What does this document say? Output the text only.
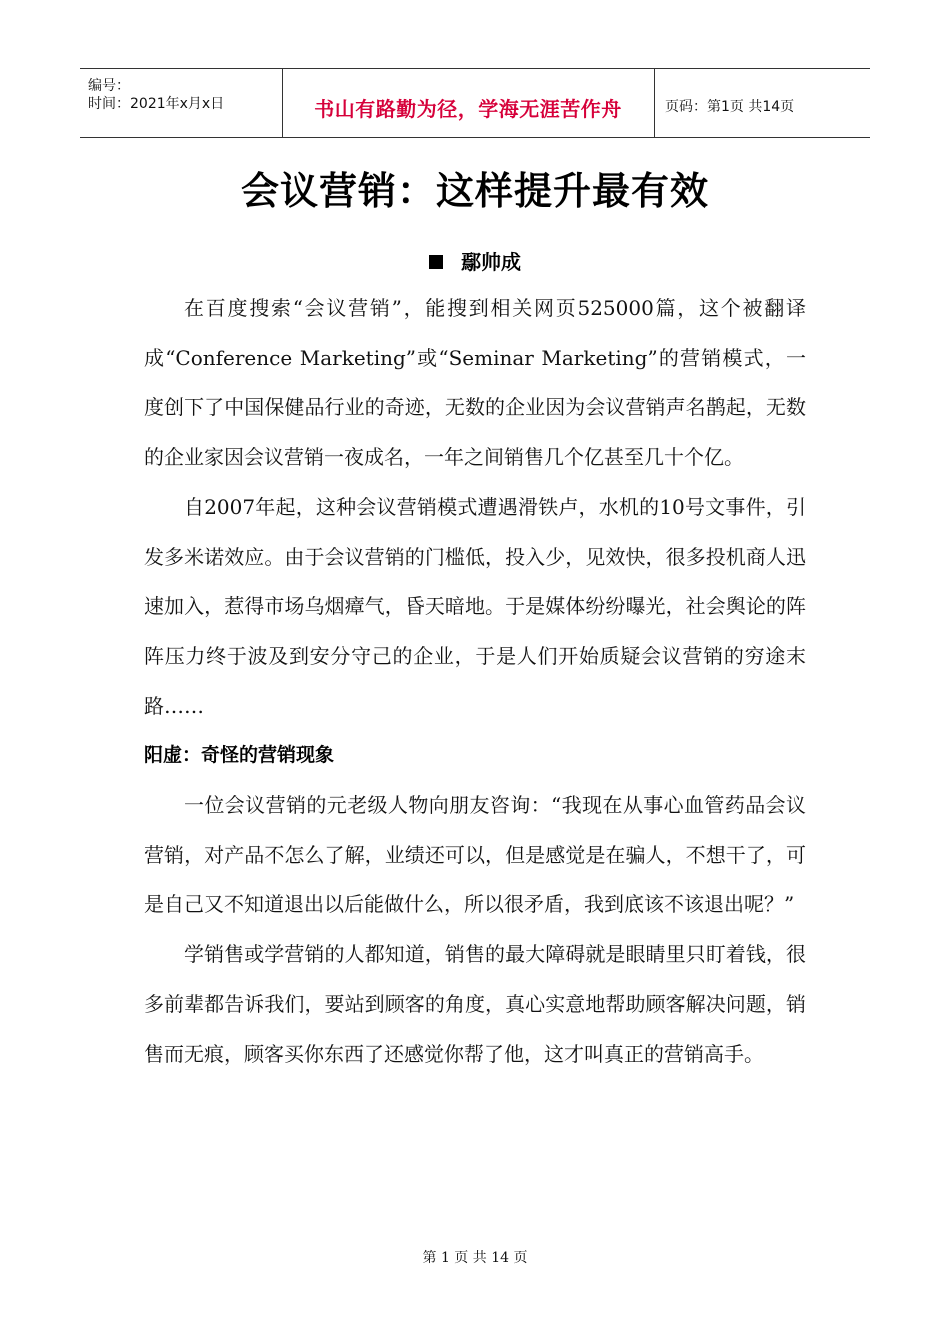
编号：
时间：2021年x月x日	书山有路勤为径，学海无涯苦作舟	页码：第1页 共14页
会议营销：这样提升最有效
鄢帅成

在百度搜索“会议营销”，能搜到相关网页525000篇，这个被翻译成“Conference Marketing”或“Seminar Marketing”的营销模式，一度创下了中国保健品行业的奇迹，无数的企业因为会议营销声名鹊起，无数的企业家因会议营销一夜成名，一年之间销售几个亿甚至几十个亿。

自2007年起，这种会议营销模式遭遇滑铁卢，水机的10号文事件，引发多米诺效应。由于会议营销的门槛低，投入少，见效快，很多投机商人迅速加入，惹得市场乌烟瘴气，昏天暗地。于是媒体纷纷曝光，社会舆论的阵阵压力终于波及到安分守己的企业，于是人们开始质疑会议营销的穷途末路……

阳虚：奇怪的营销现象

一位会议营销的元老级人物向朋友咨询：“我现在从事心血管药品会议营销，对产品不怎么了解，业绩还可以，但是感觉是在骗人，不想干了，可是自己又不知道退出以后能做什么，所以很矛盾，我到底该不该退出呢？”

学销售或学营销的人都知道，销售的最大障碍就是眼睛里只盯着钱，很多前辈都告诉我们，要站到顾客的角度，真心实意地帮助顾客解决问题，销售而无痕，顾客买你东西了还感觉你帮了他，这才叫真正的营销高手。

第 1 页 共 14 页
